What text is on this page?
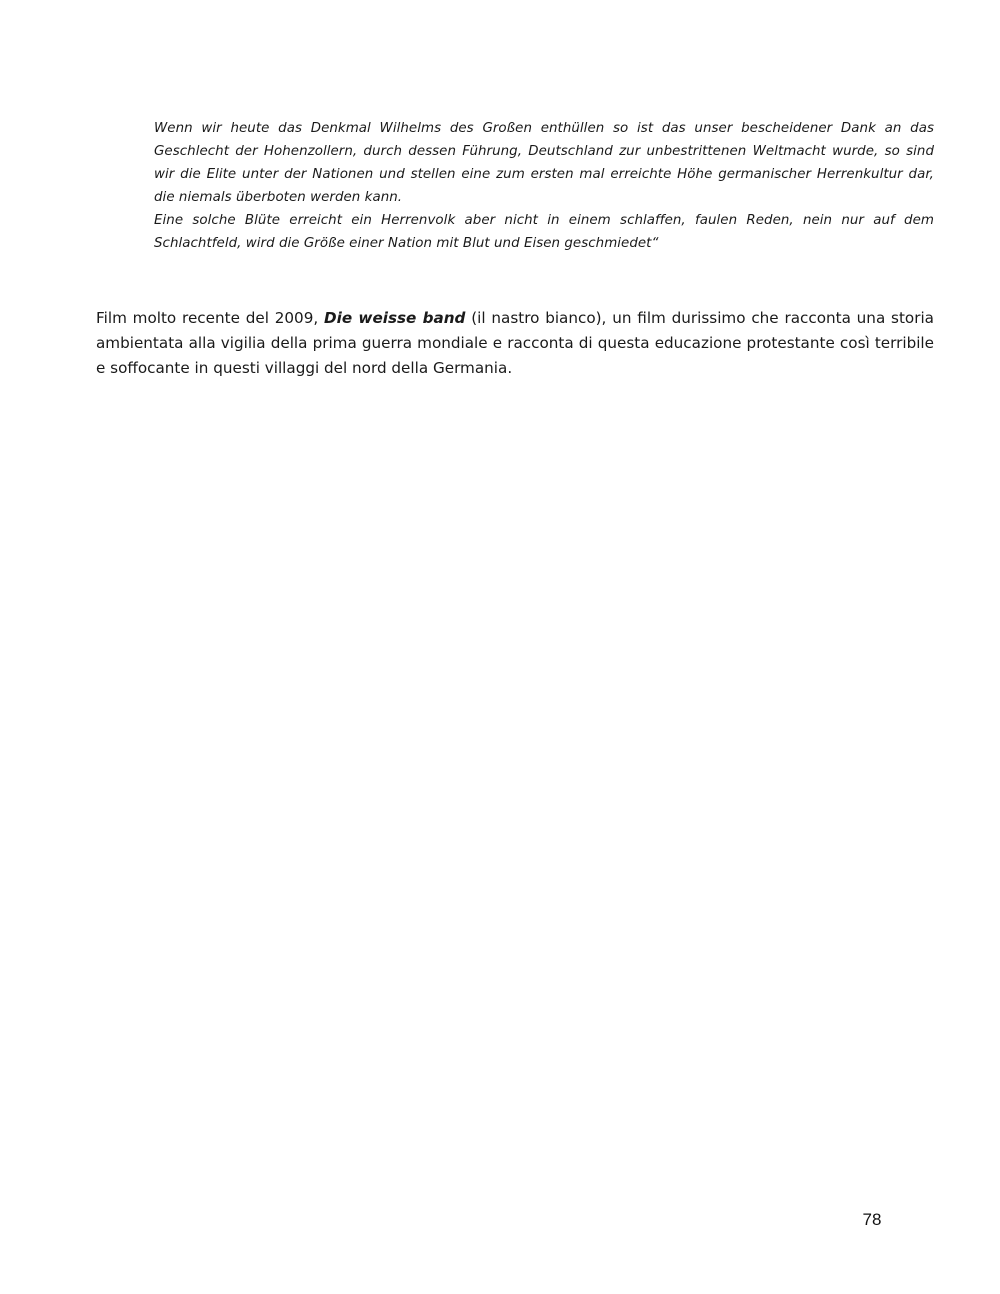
Wenn wir heute das Denkmal Wilhelms des Großen enthüllen so ist das unser bescheidener Dank an das Geschlecht der Hohenzollern, durch dessen Führung, Deutschland zur unbestrittenen Weltmacht wurde, so sind wir die Elite unter der Nationen und stellen eine zum ersten mal erreichte Höhe germanischer Herrenkultur dar, die niemals überboten werden kann.

Eine solche Blüte erreicht ein Herrenvolk aber nicht in einem schlaffen, faulen Reden, nein nur auf dem Schlachtfeld, wird die Größe einer Nation mit Blut und Eisen geschmiedet“

Film molto recente del 2009, Die weisse band (il nastro bianco), un film durissimo che racconta una storia ambientata alla vigilia della prima guerra mondiale e racconta di questa educazione protestante così terribile e soffocante in questi villaggi del nord della Germania.

78
